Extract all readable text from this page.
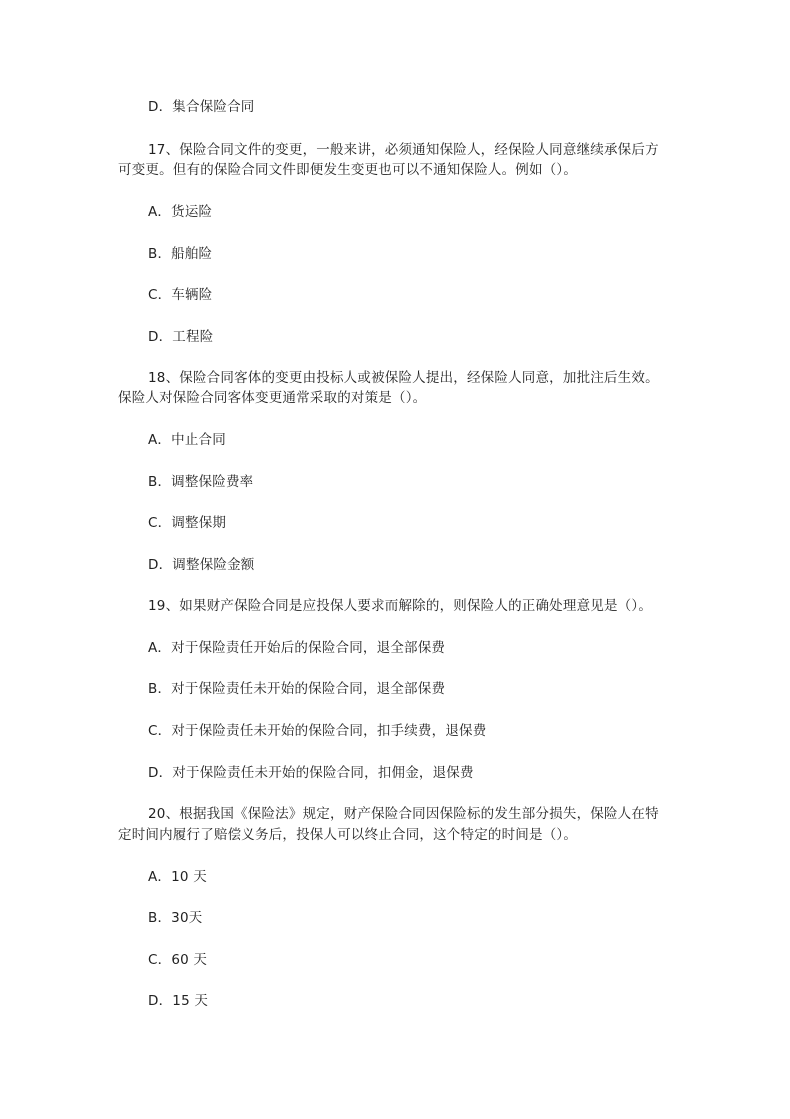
D．集合保险合同
17、保险合同文件的变更，一般来讲，必须通知保险人，经保险人同意继续承保后方
可变更。但有的保险合同文件即便发生变更也可以不通知保险人。例如（）。
A．货运险
B．船舶险
C．车辆险
D．工程险
18、保险合同客体的变更由投标人或被保险人提出，经保险人同意，加批注后生效。
保险人对保险合同客体变更通常采取的对策是（）。
A．中止合同
B．调整保险费率
C．调整保期
D．调整保险金额
19、如果财产保险合同是应投保人要求而解除的，则保险人的正确处理意见是（）。
A．对于保险责任开始后的保险合同，退全部保费
B．对于保险责任未开始的保险合同，退全部保费
C．对于保险责任未开始的保险合同，扣手续费，退保费
D．对于保险责任未开始的保险合同，扣佣金，退保费
20、根据我国《保险法》规定，财产保险合同因保险标的发生部分损失，保险人在特
定时间内履行了赔偿义务后，投保人可以终止合同，这个特定的时间是（）。
A．10 天
B．30天
C．60 天
D．15 天
